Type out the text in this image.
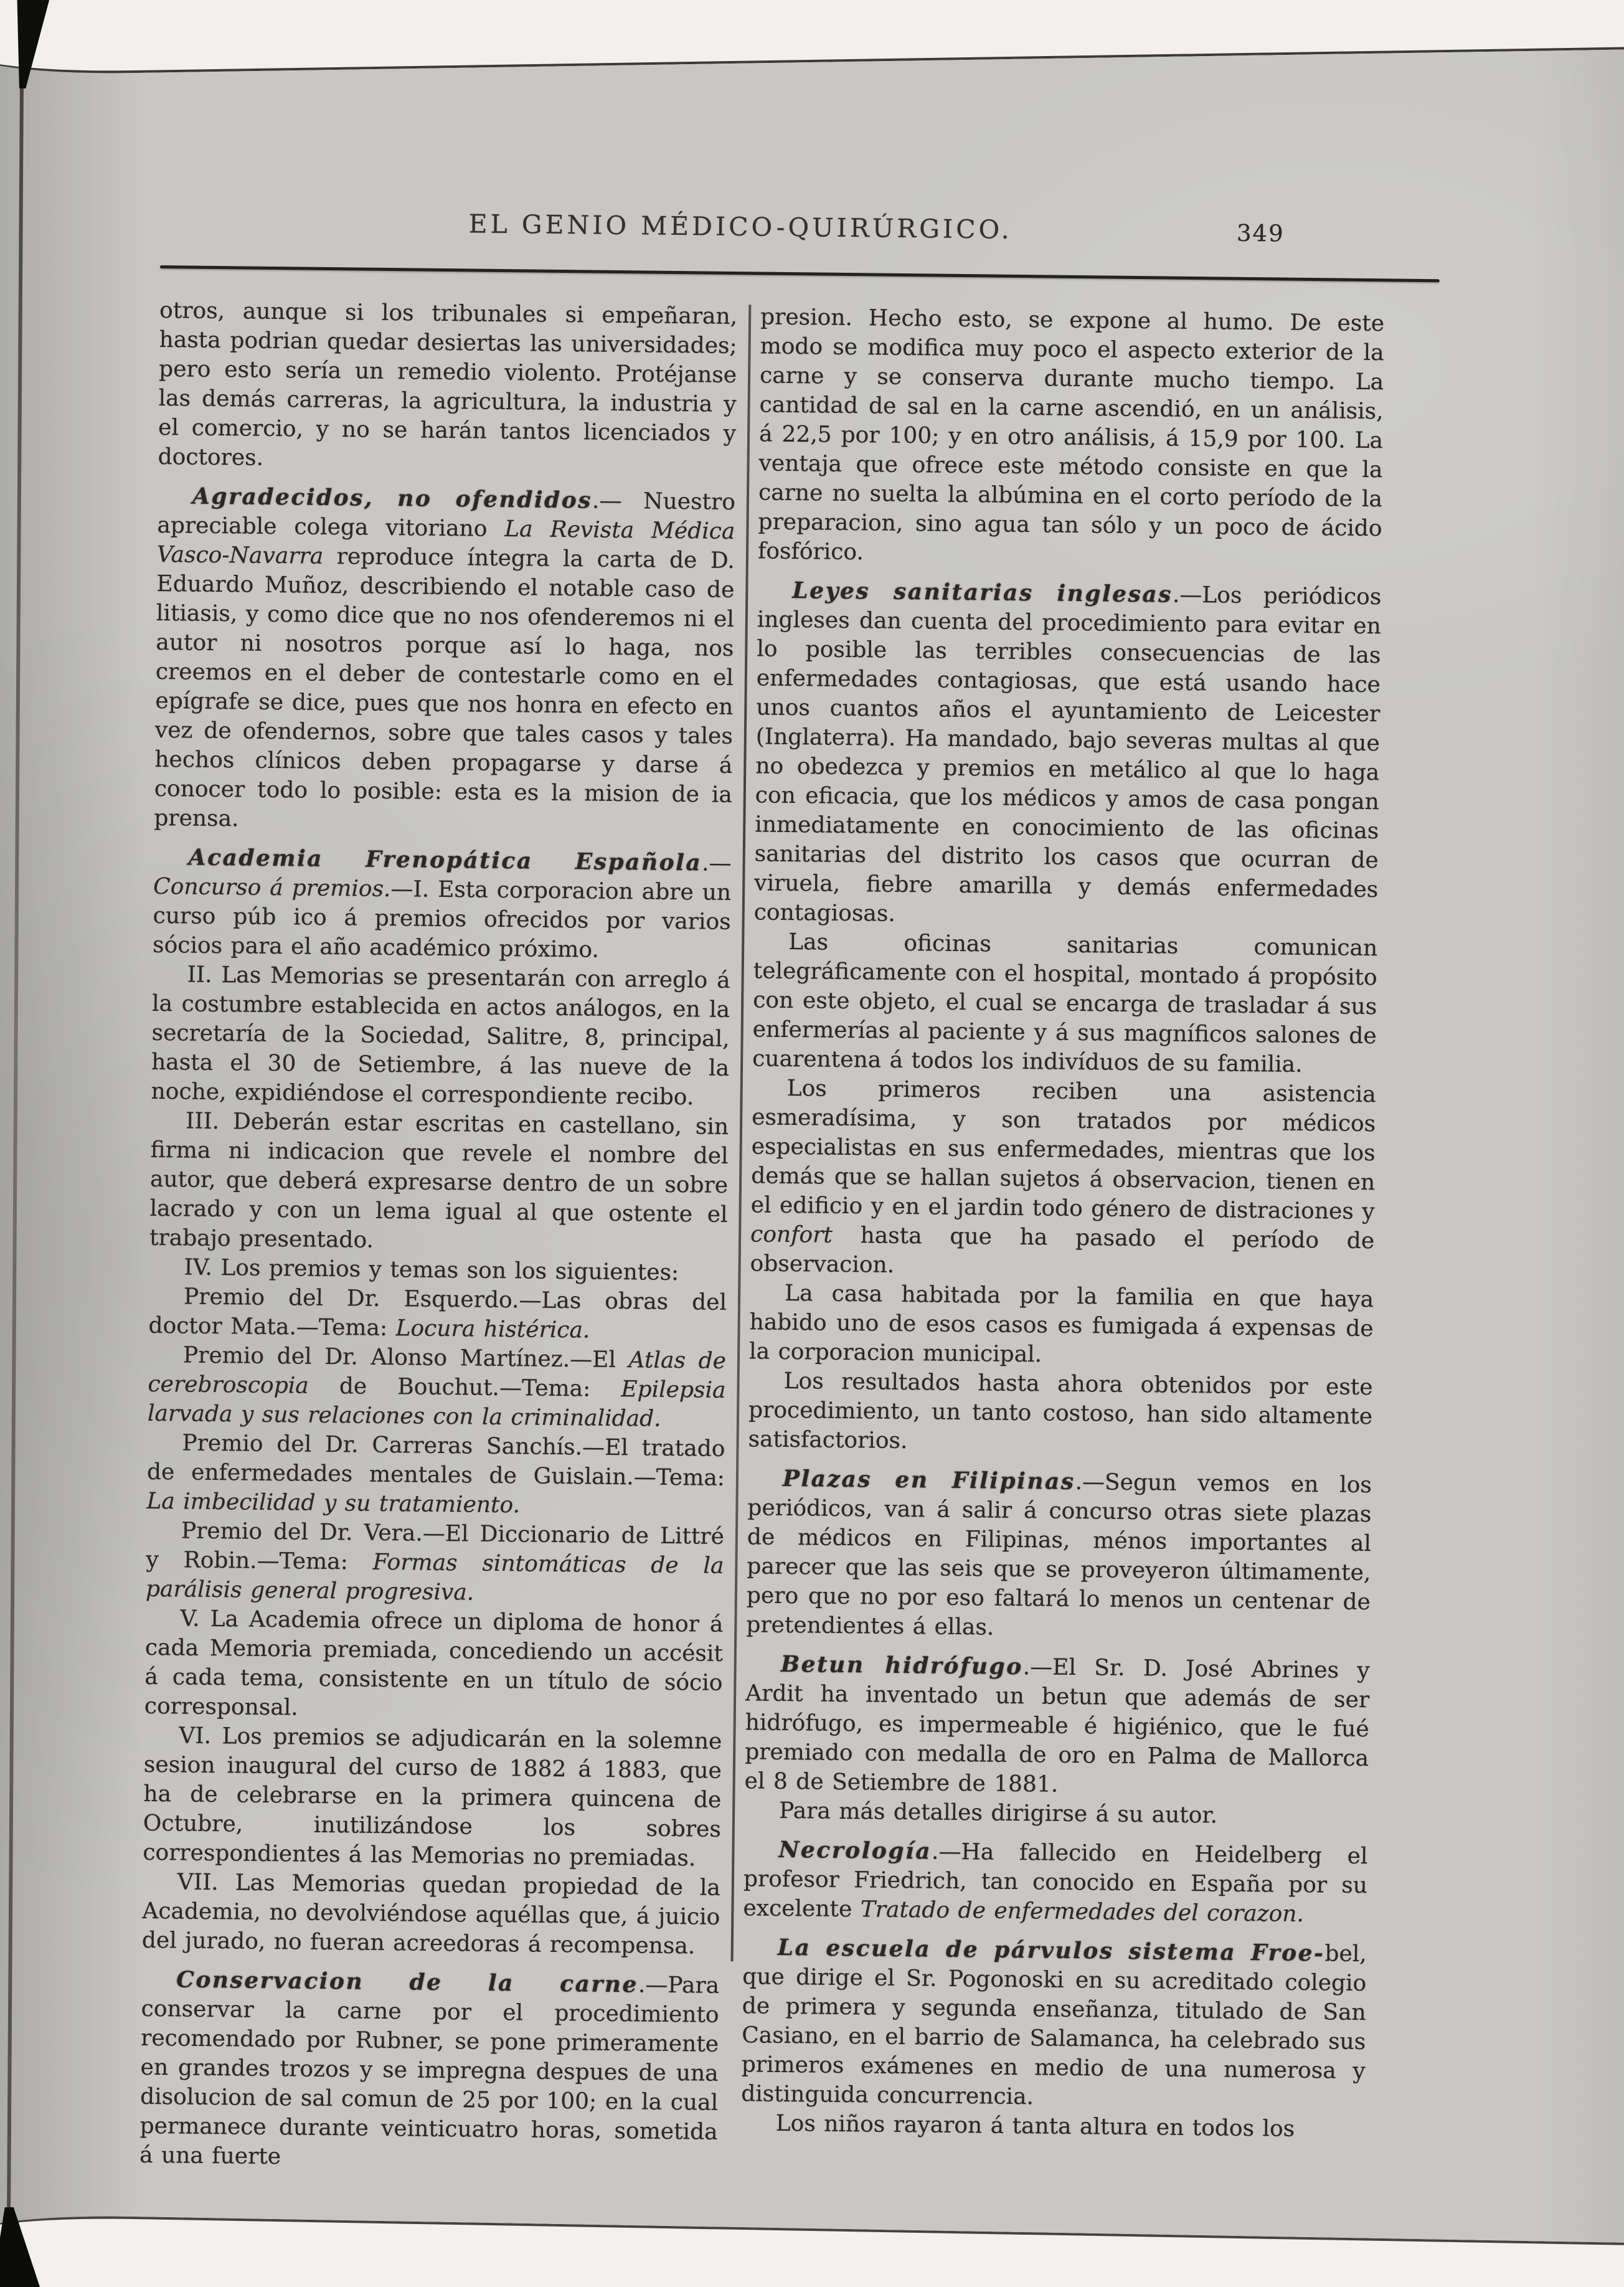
EL GENIO MÉDICO-QUIRÚRGICO.	349

otros, aunque si los tribunales si empeñaran, hasta podrian quedar desiertas las universidades; pero esto sería un remedio violento. Protéjanse las demás carreras, la agricultura, la industria y el comercio, y no se harán tantos licenciados y doctores.

Agradecidos, no ofendidos.— Nuestro apreciable colega vitoriano La Revista Médica Vasco-Navarra reproduce íntegra la carta de D. Eduardo Muñoz, describiendo el notable caso de litiasis, y como dice que no nos ofenderemos ni el autor ni nosotros porque así lo haga, nos creemos en el deber de contestarle como en el epígrafe se dice, pues que nos honra en efecto en vez de ofendernos, sobre que tales casos y tales hechos clínicos deben propagarse y darse á conocer todo lo posible: esta es la mision de ia prensa.

Academia Frenopática Española.—Concurso á premios.—I. Esta corporacion abre un curso púb ico á premios ofrecidos por varios sócios para el año académico próximo.

II. Las Memorias se presentarán con arreglo á la costumbre establecida en actos análogos, en la secretaría de la Sociedad, Salitre, 8, principal, hasta el 30 de Setiembre, á las nueve de la noche, expidiéndose el correspondiente recibo.

III. Deberán estar escritas en castellano, sin firma ni indicacion que revele el nombre del autor, que deberá expresarse dentro de un sobre lacrado y con un lema igual al que ostente el trabajo presentado.

IV. Los premios y temas son los siguientes:

Premio del Dr. Esquerdo.—Las obras del doctor Mata.—Tema: Locura histérica.

Premio del Dr. Alonso Martínez.—El Atlas de cerebroscopia de Bouchut.—Tema: Epilepsia larvada y sus relaciones con la criminalidad.

Premio del Dr. Carreras Sanchís.—El tratado de enfermedades mentales de Guislain.—Tema: La imbecilidad y su tratamiento.

Premio del Dr. Vera.—El Diccionario de Littré y Robin.—Tema: Formas sintomáticas de la parálisis general progresiva.

V. La Academia ofrece un diploma de honor á cada Memoria premiada, concediendo un accésit á cada tema, consistente en un título de sócio corresponsal.

VI. Los premios se adjudicarán en la solemne sesion inaugural del curso de 1882 á 1883, que ha de celebrarse en la primera quincena de Octubre, inutilizándose los sobres correspondientes á las Memorias no premiadas.

VII. Las Memorias quedan propiedad de la Academia, no devolviéndose aquéllas que, á juicio del jurado, no fueran acreedoras á recompensa.

Conservacion de la carne.—Para conservar la carne por el procedimiento recomendado por Rubner, se pone primeramente en grandes trozos y se impregna despues de una disolucion de sal comun de 25 por 100; en la cual permanece durante veinticuatro horas, sometida á una fuerte

presion. Hecho esto, se expone al humo. De este modo se modifica muy poco el aspecto exterior de la carne y se conserva durante mucho tiempo. La cantidad de sal en la carne ascendió, en un análisis, á 22,5 por 100; y en otro análisis, á 15,9 por 100. La ventaja que ofrece este método consiste en que la carne no suelta la albúmina en el corto período de la preparacion, sino agua tan sólo y un poco de ácido fosfórico.

Leyes sanitarias inglesas.—Los periódicos ingleses dan cuenta del procedimiento para evitar en lo posible las terribles consecuencias de las enfermedades contagiosas, que está usando hace unos cuantos años el ayuntamiento de Leicester (Inglaterra). Ha mandado, bajo severas multas al que no obedezca y premios en metálico al que lo haga con eficacia, que los médicos y amos de casa pongan inmediatamente en conocimiento de las oficinas sanitarias del distrito los casos que ocurran de viruela, fiebre amarilla y demás enfermedades contagiosas.

Las oficinas sanitarias comunican telegráficamente con el hospital, montado á propósito con este objeto, el cual se encarga de trasladar á sus enfermerías al paciente y á sus magníficos salones de cuarentena á todos los indivíduos de su familia.

Los primeros reciben una asistencia esmeradísima, y son tratados por médicos especialistas en sus enfermedades, mientras que los demás que se hallan sujetos á observacion, tienen en el edificio y en el jardin todo género de distraciones y confort hasta que ha pasado el período de observacion.

La casa habitada por la familia en que haya habido uno de esos casos es fumigada á expensas de la corporacion municipal.

Los resultados hasta ahora obtenidos por este procedimiento, un tanto costoso, han sido altamente satisfactorios.

Plazas en Filipinas.—Segun vemos en los periódicos, van á salir á concurso otras siete plazas de médicos en Filipinas, ménos importantes al parecer que las seis que se proveyeron últimamente, pero que no por eso faltará lo menos un centenar de pretendientes á ellas.

Betun hidrófugo.—El Sr. D. José Abrines y Ardit ha inventado un betun que además de ser hidrófugo, es impermeable é higiénico, que le fué premiado con medalla de oro en Palma de Mallorca el 8 de Setiembre de 1881.

Para más detalles dirigirse á su autor.

Necrología.—Ha fallecido en Heidelberg el profesor Friedrich, tan conocido en España por su excelente Tratado de enfermedades del corazon.

La escuela de párvulos sistema Froe-bel, que dirige el Sr. Pogonoski en su acreditado colegio de primera y segunda enseñanza, titulado de San Casiano, en el barrio de Salamanca, ha celebrado sus primeros exámenes en medio de una numerosa y distinguida concurrencia.

Los niños rayaron á tanta altura en todos los
